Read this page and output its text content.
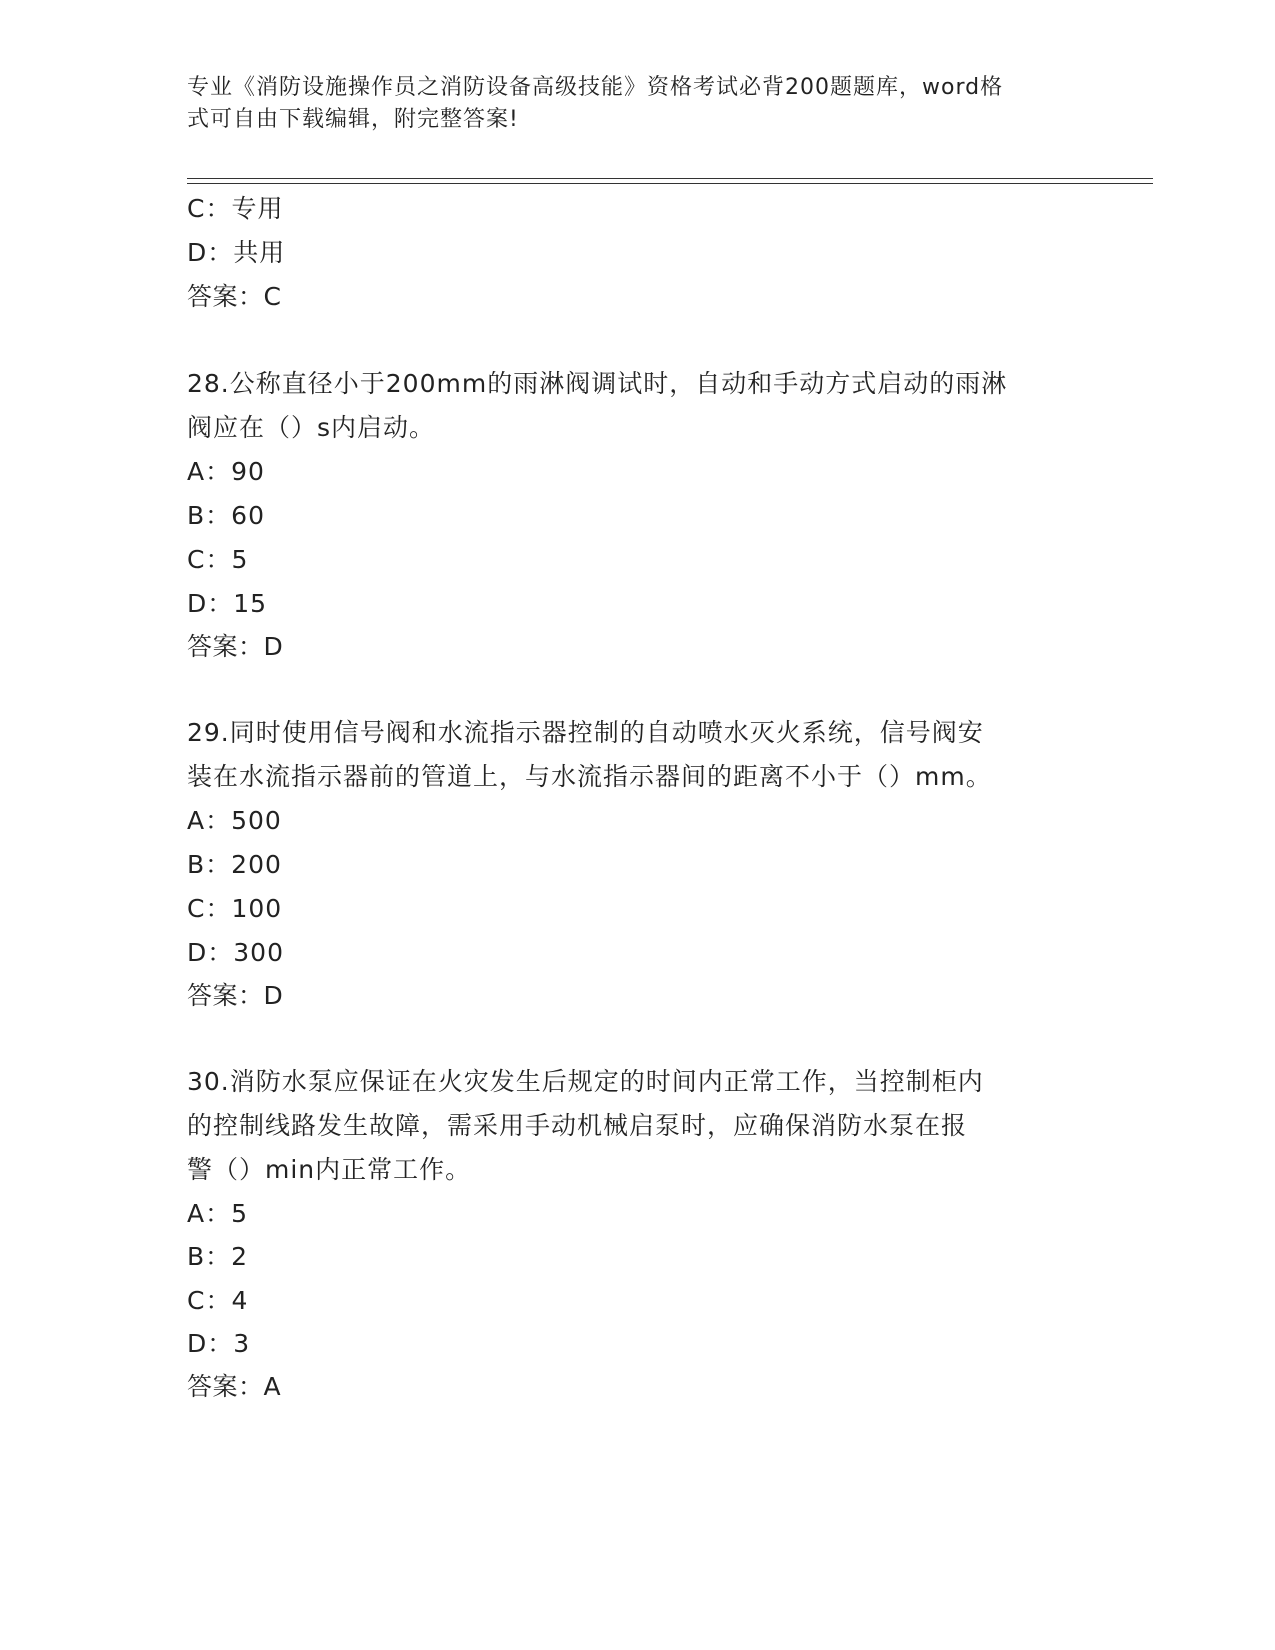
专业《消防设施操作员之消防设备高级技能》资格考试必背200题题库，word格
式可自由下载编辑，附完整答案!
C：专用
D：共用
答案：C
28.公称直径小于200mm的雨淋阀调试时，自动和手动方式启动的雨淋
阀应在（）s内启动。
A：90
B：60
C：5
D：15
答案：D
29.同时使用信号阀和水流指示器控制的自动喷水灭火系统，信号阀安
装在水流指示器前的管道上，与水流指示器间的距离不小于（）mm。
A：500
B：200
C：100
D：300
答案：D
30.消防水泵应保证在火灾发生后规定的时间内正常工作，当控制柜内
的控制线路发生故障，需采用手动机械启泵时，应确保消防水泵在报
警（）min内正常工作。
A：5
B：2
C：4
D：3
答案：A
